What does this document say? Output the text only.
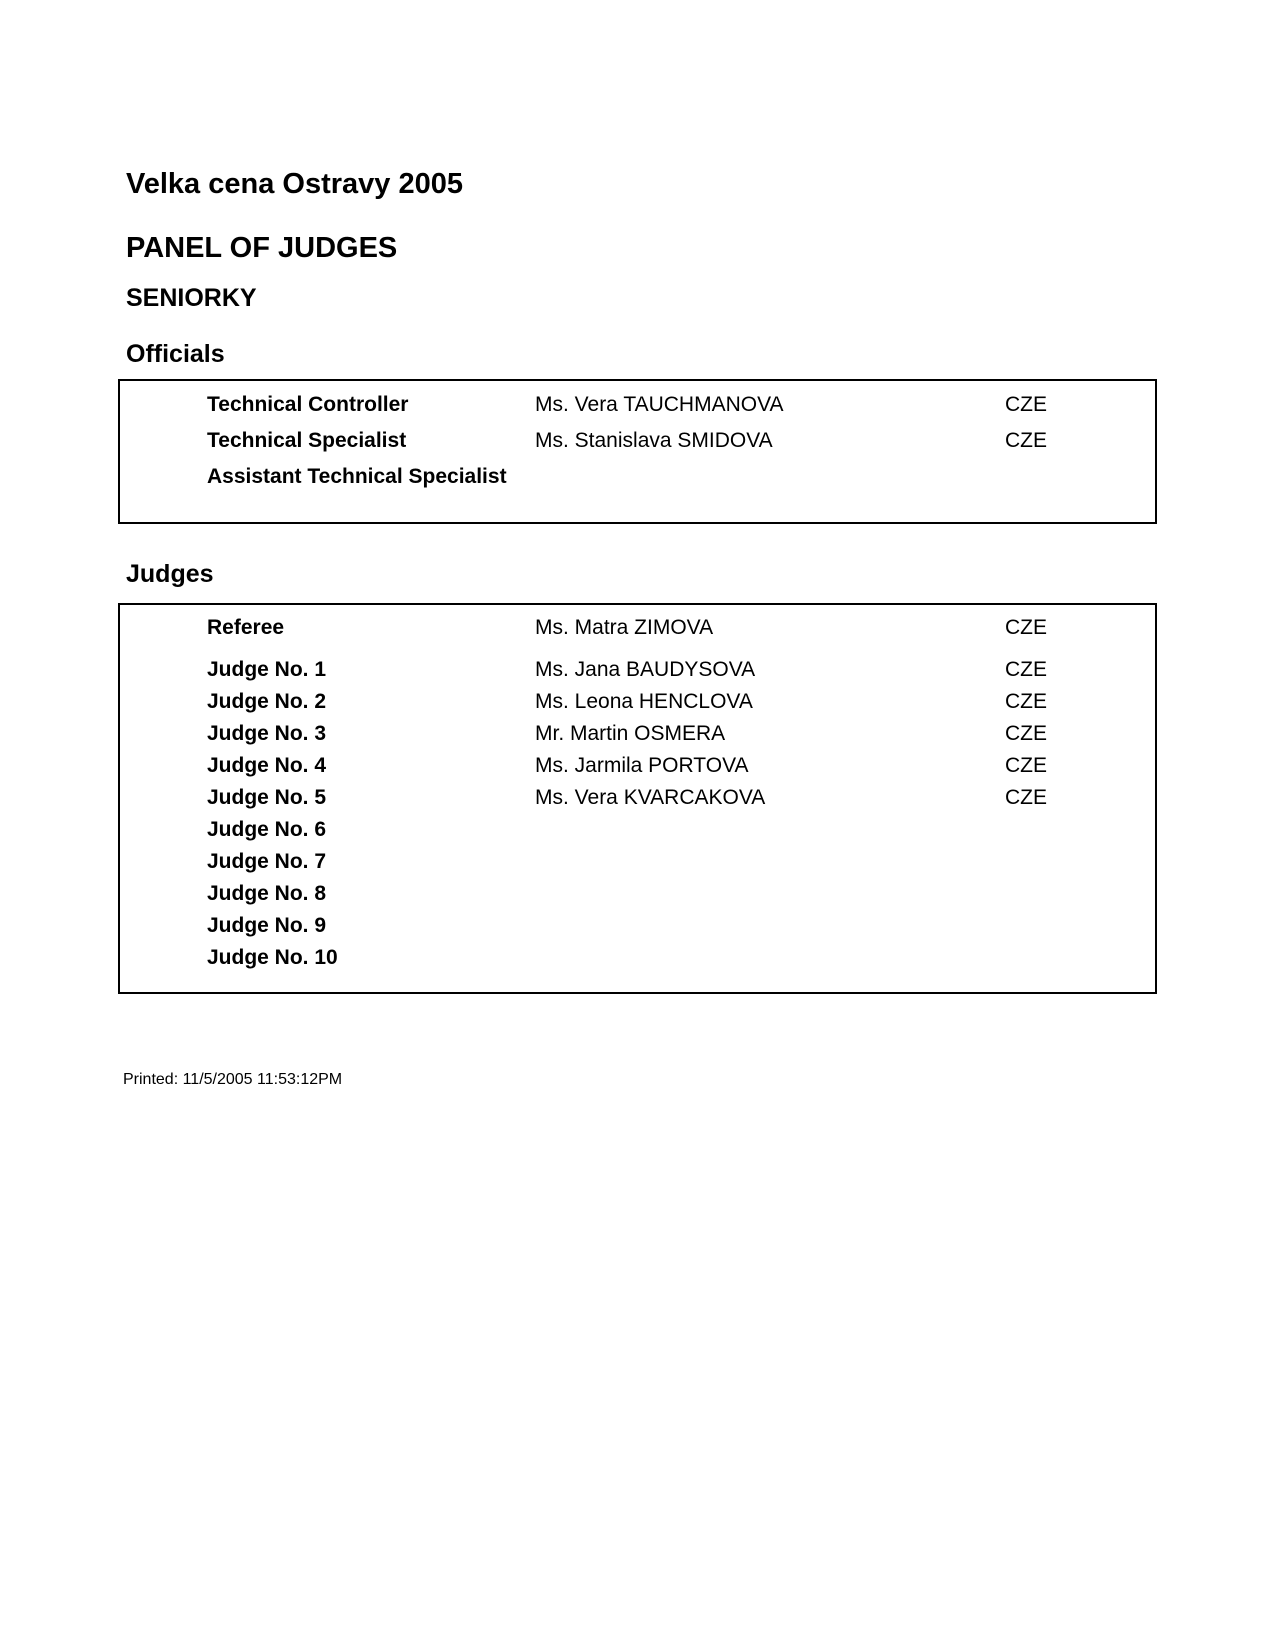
Velka cena Ostravy 2005
PANEL OF JUDGES
SENIORKY
Officials
Technical Controller	Ms. Vera TAUCHMANOVA	CZE
Technical Specialist	Ms. Stanislava SMIDOVA	CZE
Assistant Technical Specialist
Judges
Referee	Ms. Matra ZIMOVA	CZE
Judge No. 1	Ms. Jana BAUDYSOVA	CZE
Judge No. 2	Ms. Leona HENCLOVA	CZE
Judge No. 3	Mr. Martin OSMERA	CZE
Judge No. 4	Ms. Jarmila PORTOVA	CZE
Judge No. 5	Ms. Vera KVARCAKOVA	CZE
Judge No. 6
Judge No. 7
Judge No. 8
Judge No. 9
Judge No. 10
Printed: 11/5/2005 11:53:12PM
